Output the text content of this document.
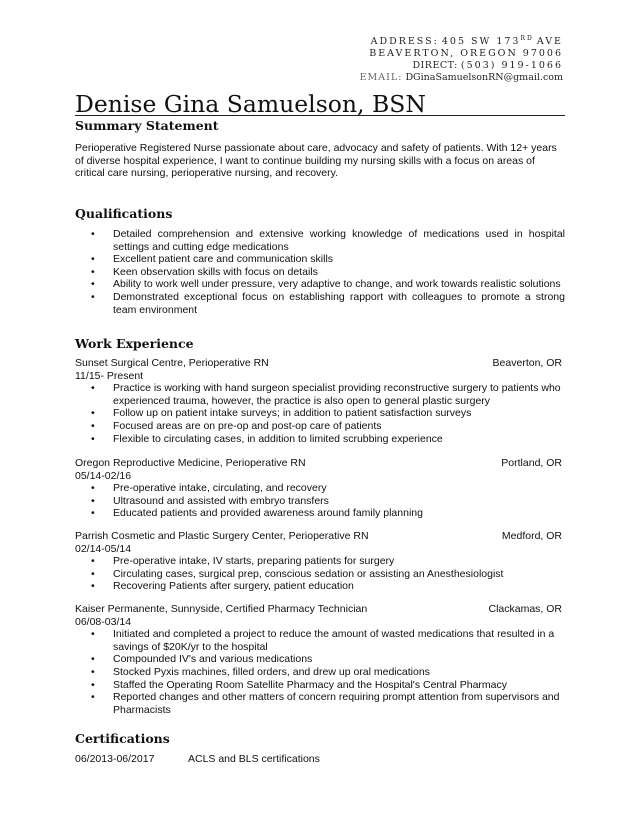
ADDRESS: 405 SW 173RD AVE
BEAVERTON, OREGON 97006
DIRECT: (503) 919-1066
EMAIL: DGinaSamuelsonRN@gmail.com
Denise Gina Samuelson, BSN
Summary Statement
Perioperative Registered Nurse passionate about care, advocacy and safety of patients. With 12+ years of diverse hospital experience, I want to continue building my nursing skills with a focus on areas of critical care nursing, perioperative nursing, and recovery.
Qualifications
• Detailed comprehension and extensive working knowledge of medications used in hospital settings and cutting edge medications
• Excellent patient care and communication skills
• Keen observation skills with focus on details
• Ability to work well under pressure, very adaptive to change, and work towards realistic solutions
• Demonstrated exceptional focus on establishing rapport with colleagues to promote a strong team environment
Work Experience
Sunset Surgical Centre, Perioperative RN	Beaverton, OR
11/15- Present
• Practice is working with hand surgeon specialist providing reconstructive surgery to patients who experienced trauma, however, the practice is also open to general plastic surgery
• Follow up on patient intake surveys; in addition to patient satisfaction surveys
• Focused areas are on pre-op and post-op care of patients
• Flexible to circulating cases, in addition to limited scrubbing experience
Oregon Reproductive Medicine, Perioperative RN	Portland, OR
05/14-02/16
• Pre-operative intake, circulating, and recovery
• Ultrasound and assisted with embryo transfers
• Educated patients and provided awareness around family planning
Parrish Cosmetic and Plastic Surgery Center, Perioperative RN	Medford, OR
02/14-05/14
• Pre-operative intake, IV starts, preparing patients for surgery
• Circulating cases, surgical prep, conscious sedation or assisting an Anesthesiologist
• Recovering Patients after surgery, patient education
Kaiser Permanente, Sunnyside, Certified Pharmacy Technician	Clackamas, OR
06/08-03/14
• Initiated and completed a project to reduce the amount of wasted medications that resulted in a savings of $20K/yr to the hospital
• Compounded IV's and various medications
• Stocked Pyxis machines, filled orders, and drew up oral medications
• Staffed the Operating Room Satellite Pharmacy and the Hospital's Central Pharmacy
• Reported changes and other matters of concern requiring prompt attention from supervisors and Pharmacists
Certifications
06/2013-06/2017	ACLS and BLS certifications
